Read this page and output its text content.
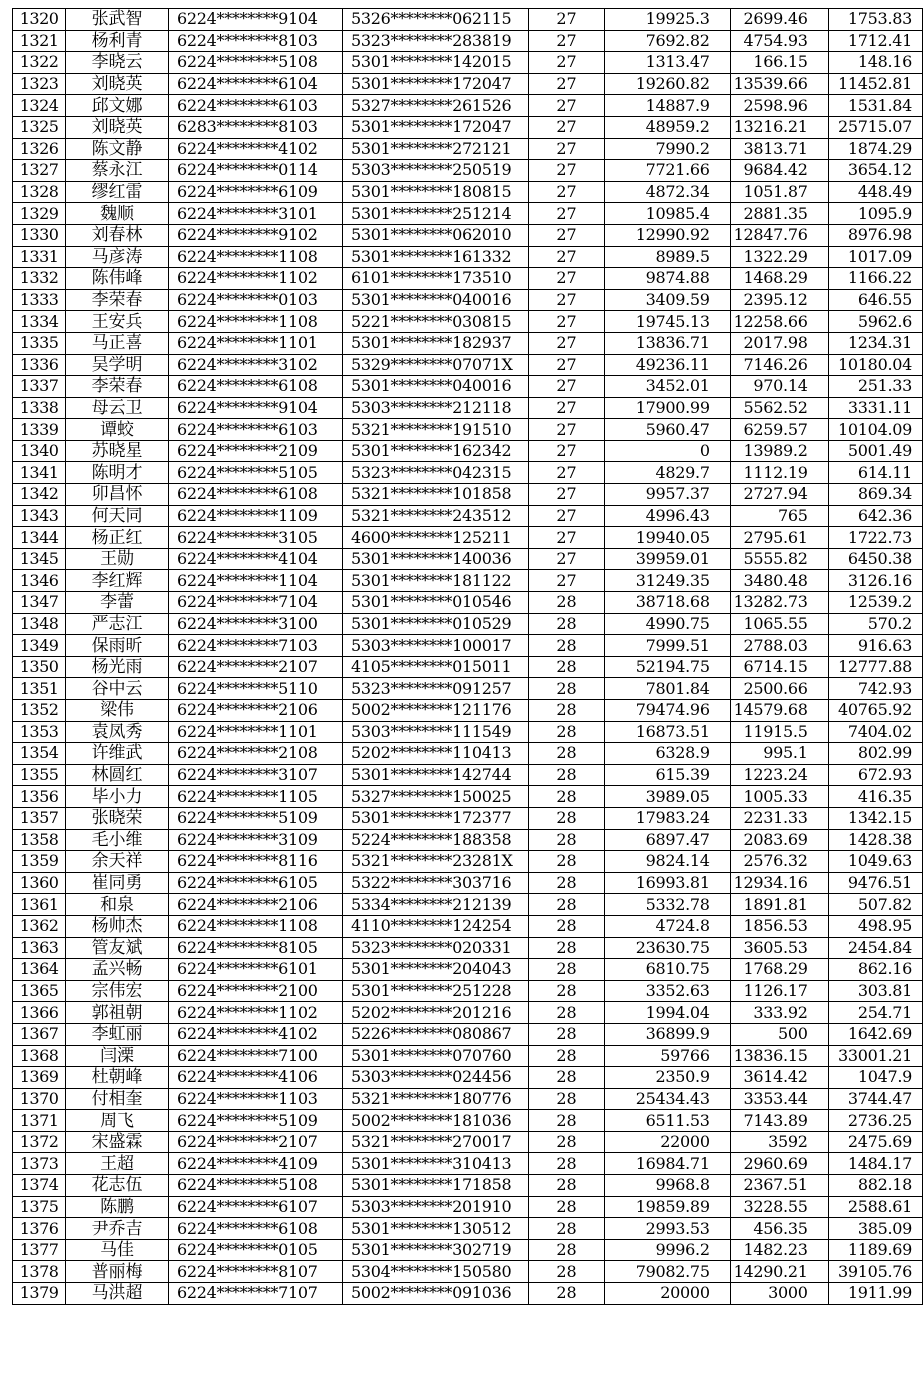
1320	张武智	6224********9104	5326********062115	27	19925.3	2699.46	1753.83
1321	杨利青	6224********8103	5323********283819	27	7692.82	4754.93	1712.41
1322	李晓云	6224********5108	5301********142015	27	1313.47	166.15	148.16
1323	刘晓英	6224********6104	5301********172047	27	19260.82	13539.66	11452.81
1324	邱文娜	6224********6103	5327********261526	27	14887.9	2598.96	1531.84
1325	刘晓英	6283********8103	5301********172047	27	48959.2	13216.21	25715.07
1326	陈文静	6224********4102	5301********272121	27	7990.2	3813.71	1874.29
1327	蔡永江	6224********0114	5303********250519	27	7721.66	9684.42	3654.12
1328	缪红雷	6224********6109	5301********180815	27	4872.34	1051.87	448.49
1329	魏顺	6224********3101	5301********251214	27	10985.4	2881.35	1095.9
1330	刘春林	6224********9102	5301********062010	27	12990.92	12847.76	8976.98
1331	马彦涛	6224********1108	5301********161332	27	8989.5	1322.29	1017.09
1332	陈伟峰	6224********1102	6101********173510	27	9874.88	1468.29	1166.22
1333	李荣春	6224********0103	5301********040016	27	3409.59	2395.12	646.55
1334	王安兵	6224********1108	5221********030815	27	19745.13	12258.66	5962.6
1335	马正喜	6224********1101	5301********182937	27	13836.71	2017.98	1234.31
1336	吴学明	6224********3102	5329********07071X	27	49236.11	7146.26	10180.04
1337	李荣春	6224********6108	5301********040016	27	3452.01	970.14	251.33
1338	母云卫	6224********9104	5303********212118	27	17900.99	5562.52	3331.11
1339	谭蛟	6224********6103	5321********191510	27	5960.47	6259.57	10104.09
1340	苏晓星	6224********2109	5301********162342	27	0	13989.2	5001.49
1341	陈明才	6224********5105	5323********042315	27	4829.7	1112.19	614.11
1342	卯昌怀	6224********6108	5321********101858	27	9957.37	2727.94	869.34
1343	何天同	6224********1109	5321********243512	27	4996.43	765	642.36
1344	杨正红	6224********3105	4600********125211	27	19940.05	2795.61	1722.73
1345	王勋	6224********4104	5301********140036	27	39959.01	5555.82	6450.38
1346	李红辉	6224********1104	5301********181122	27	31249.35	3480.48	3126.16
1347	李蕾	6224********7104	5301********010546	28	38718.68	13282.73	12539.2
1348	严志江	6224********3100	5301********010529	28	4990.75	1065.55	570.2
1349	保雨昕	6224********7103	5303********100017	28	7999.51	2788.03	916.63
1350	杨光雨	6224********2107	4105********015011	28	52194.75	6714.15	12777.88
1351	谷中云	6224********5110	5323********091257	28	7801.84	2500.66	742.93
1352	梁伟	6224********2106	5002********121176	28	79474.96	14579.68	40765.92
1353	袁凤秀	6224********1101	5303********111549	28	16873.51	11915.5	7404.02
1354	许维武	6224********2108	5202********110413	28	6328.9	995.1	802.99
1355	林圆红	6224********3107	5301********142744	28	615.39	1223.24	672.93
1356	毕小力	6224********1105	5327********150025	28	3989.05	1005.33	416.35
1357	张晓荣	6224********5109	5301********172377	28	17983.24	2231.33	1342.15
1358	毛小维	6224********3109	5224********188358	28	6897.47	2083.69	1428.38
1359	余天祥	6224********8116	5321********23281X	28	9824.14	2576.32	1049.63
1360	崔同勇	6224********6105	5322********303716	28	16993.81	12934.16	9476.51
1361	和泉	6224********2106	5334********212139	28	5332.78	1891.81	507.82
1362	杨帅杰	6224********1108	4110********124254	28	4724.8	1856.53	498.95
1363	管友斌	6224********8105	5323********020331	28	23630.75	3605.53	2454.84
1364	孟兴畅	6224********6101	5301********204043	28	6810.75	1768.29	862.16
1365	宗伟宏	6224********2100	5301********251228	28	3352.63	1126.17	303.81
1366	郭祖朝	6224********1102	5202********201216	28	1994.04	333.92	254.71
1367	李虹丽	6224********4102	5226********080867	28	36899.9	500	1642.69
1368	闫溧	6224********7100	5301********070760	28	59766	13836.15	33001.21
1369	杜朝峰	6224********4106	5303********024456	28	2350.9	3614.42	1047.9
1370	付相奎	6224********1103	5321********180776	28	25434.43	3353.44	3744.47
1371	周飞	6224********5109	5002********181036	28	6511.53	7143.89	2736.25
1372	宋盛霖	6224********2107	5321********270017	28	22000	3592	2475.69
1373	王超	6224********4109	5301********310413	28	16984.71	2960.69	1484.17
1374	花志伍	6224********5108	5301********171858	28	9968.8	2367.51	882.18
1375	陈鹏	6224********6107	5303********201910	28	19859.89	3228.55	2588.61
1376	尹乔吉	6224********6108	5301********130512	28	2993.53	456.35	385.09
1377	马佳	6224********0105	5301********302719	28	9996.2	1482.23	1189.69
1378	普丽梅	6224********8107	5304********150580	28	79082.75	14290.21	39105.76
1379	马洪超	6224********7107	5002********091036	28	20000	3000	1911.99
